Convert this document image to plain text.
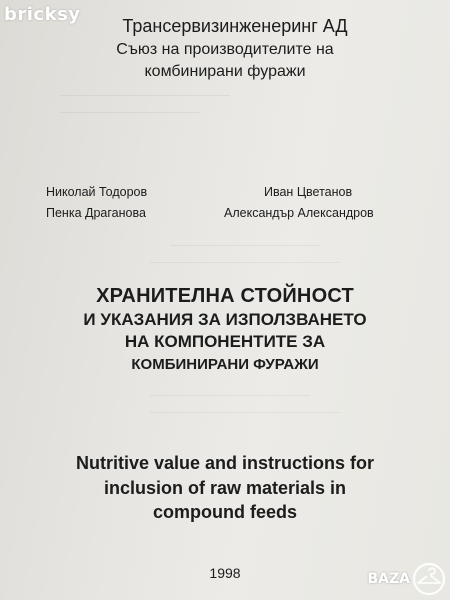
bricksy
Трансервизинженеринг АД
Съюз на производителите на
комбинирани фуражи
Николай Тодоров
Пенка Драганова
Иван Цветанов
Александър Александров
ХРАНИТЕЛНА СТОЙНОСТ
И УКАЗАНИЯ ЗА ИЗПОЛЗВАНЕТО
НА КОМПОНЕНТИТЕ ЗА
КОМБИНИРАНИ ФУРАЖИ
Nutritive value and instructions for
inclusion of raw materials in
compound feeds
1998	BAZA
